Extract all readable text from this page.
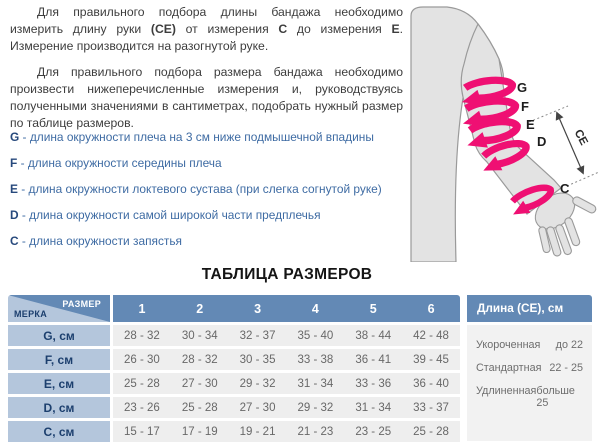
Для правильного подбора длины бандажа необходимо измерить длину руки (СЕ) от измерения С до измерения Е. Измерение производится на разогнутой руке.

Для правильного подбора размера бандажа необходимо произвести нижеперечисленные измерения и, руководствуясь полученными значениями в сантиметрах, подобрать нужный размер по таблице размеров.

G - длина окружности плеча на 3 см ниже подмышечной впадины
F - длина окружности середины плеча
E - длина окружности локтевого сустава (при слегка согнутой руке)
D - длина окружности самой широкой части предплечья
C - длина окружности запястья
G
F
E
D
C
CE
ТАБЛИЦА РАЗМЕРОВ
РАЗМЕР
МЕРКА	1	2	3	4	5	6
G, см	28 - 32	30 - 34	32 - 37	35 - 40	38 - 44	42 - 48
F, см	26 - 30	28 - 32	30 - 35	33 - 38	36 - 41	39 - 45
E, см	25 - 28	27 - 30	29 - 32	31 - 34	33 - 36	36 - 40
D, см	23 - 26	25 - 28	27 - 30	29 - 32	31 - 34	33 - 37
C, см	15 - 17	17 - 19	19 - 21	21 - 23	23 - 25	25 - 28
Длина (СЕ), см
Укороченная до 22
Стандартная 22 - 25
Удлиненная больше 25
